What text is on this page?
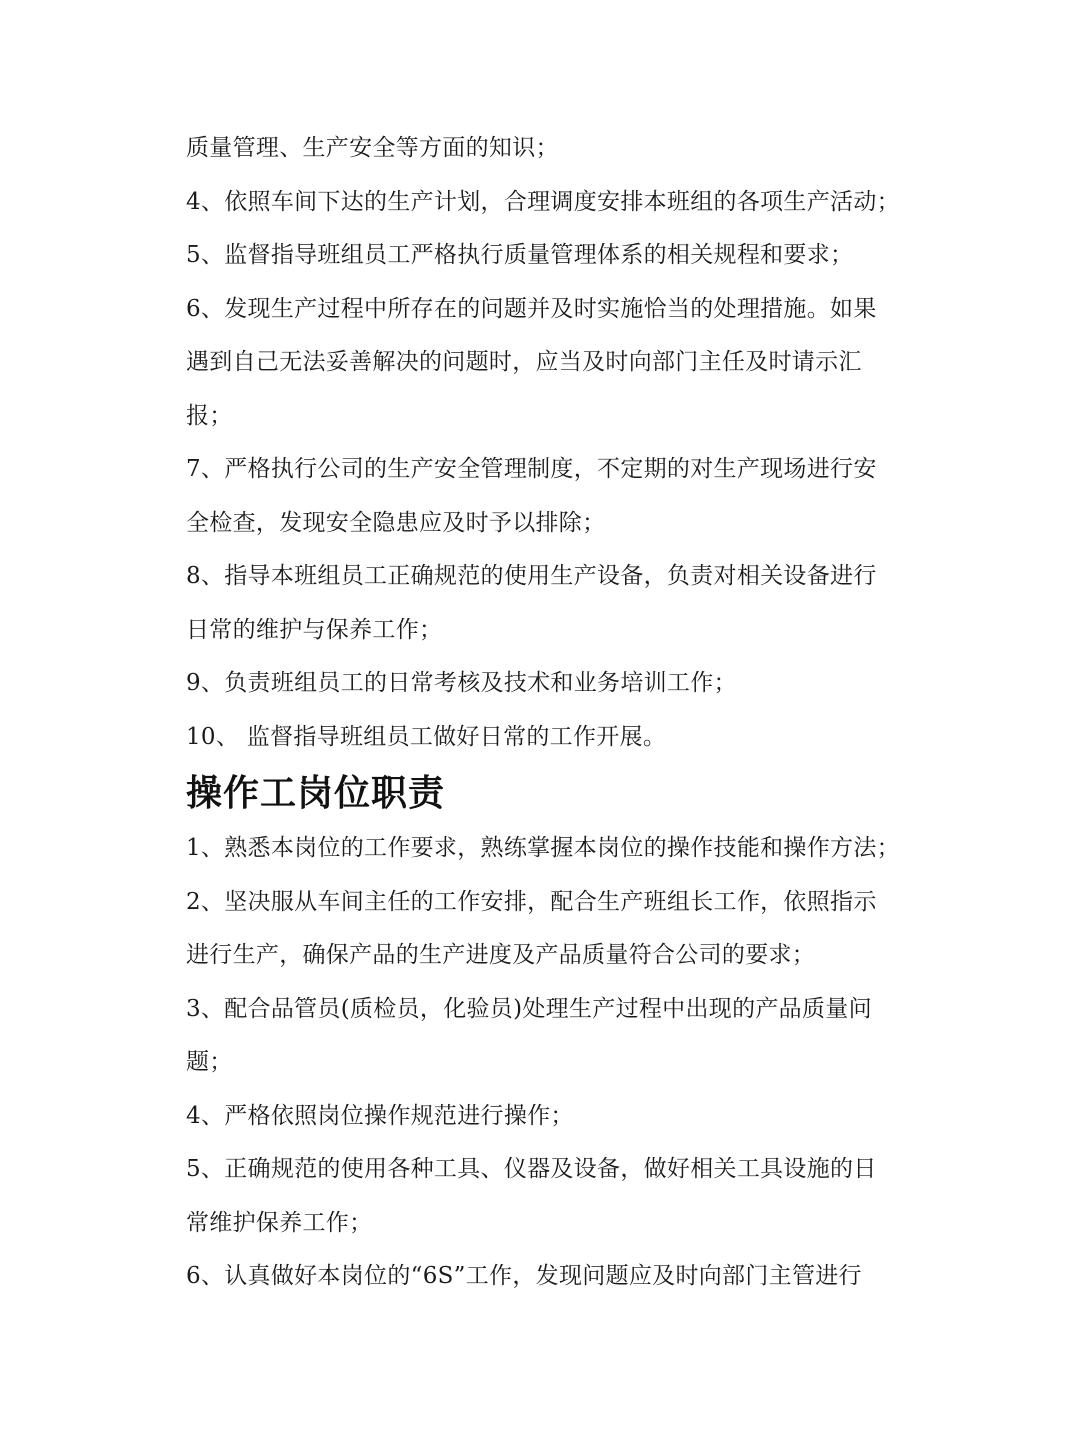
质量管理、生产安全等方面的知识；
4、依照车间下达的生产计划，合理调度安排本班组的各项生产活动；
5、监督指导班组员工严格执行质量管理体系的相关规程和要求；
6、发现生产过程中所存在的问题并及时实施恰当的处理措施。如果
遇到自己无法妥善解决的问题时，应当及时向部门主任及时请示汇
报；
7、严格执行公司的生产安全管理制度，不定期的对生产现场进行安
全检查，发现安全隐患应及时予以排除；
8、指导本班组员工正确规范的使用生产设备，负责对相关设备进行
日常的维护与保养工作；
9、负责班组员工的日常考核及技术和业务培训工作；
10、 监督指导班组员工做好日常的工作开展。
操作工岗位职责
1、熟悉本岗位的工作要求，熟练掌握本岗位的操作技能和操作方法；
2、坚决服从车间主任的工作安排，配合生产班组长工作，依照指示
进行生产，确保产品的生产进度及产品质量符合公司的要求；
3、配合品管员(质检员，化验员)处理生产过程中出现的产品质量问
题；
4、严格依照岗位操作规范进行操作；
5、正确规范的使用各种工具、仪器及设备，做好相关工具设施的日
常维护保养工作；
6、认真做好本岗位的“6S”工作，发现问题应及时向部门主管进行
